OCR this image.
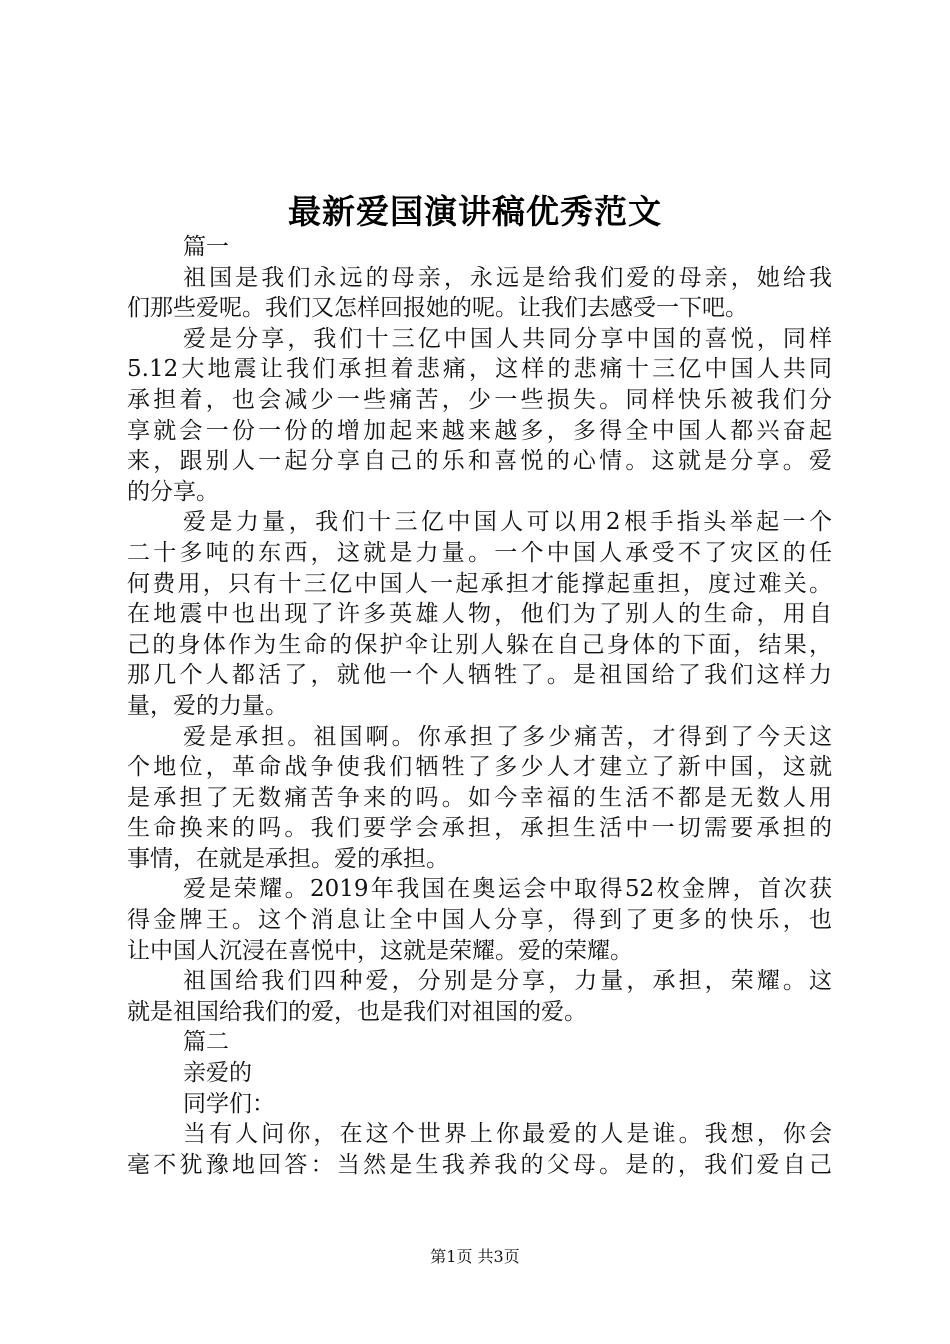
最新爱国演讲稿优秀范文
篇一
祖国是我们永远的母亲，永远是给我们爱的母亲，她给我
们那些爱呢。我们又怎样回报她的呢。让我们去感受一下吧。
爱是分享，我们十三亿中国人共同分享中国的喜悦，同样
5.12大地震让我们承担着悲痛，这样的悲痛十三亿中国人共同
承担着，也会减少一些痛苦，少一些损失。同样快乐被我们分
享就会一份一份的增加起来越来越多，多得全中国人都兴奋起
来，跟别人一起分享自己的乐和喜悦的心情。这就是分享。爱
的分享。
爱是力量，我们十三亿中国人可以用2根手指头举起一个
二十多吨的东西，这就是力量。一个中国人承受不了灾区的任
何费用，只有十三亿中国人一起承担才能撑起重担，度过难关。
在地震中也出现了许多英雄人物，他们为了别人的生命，用自
己的身体作为生命的保护伞让别人躲在自己身体的下面，结果，
那几个人都活了，就他一个人牺牲了。是祖国给了我们这样力
量，爱的力量。
爱是承担。祖国啊。你承担了多少痛苦，才得到了今天这
个地位，革命战争使我们牺牲了多少人才建立了新中国，这就
是承担了无数痛苦争来的吗。如今幸福的生活不都是无数人用
生命换来的吗。我们要学会承担，承担生活中一切需要承担的
事情，在就是承担。爱的承担。
爱是荣耀。2019年我国在奥运会中取得52枚金牌，首次获
得金牌王。这个消息让全中国人分享，得到了更多的快乐，也
让中国人沉浸在喜悦中，这就是荣耀。爱的荣耀。
祖国给我们四种爱，分别是分享，力量，承担，荣耀。这
就是祖国给我们的爱，也是我们对祖国的爱。
篇二
亲爱的
同学们：
当有人问你，在这个世界上你最爱的人是谁。我想，你会
毫不犹豫地回答：当然是生我养我的父母。是的，我们爱自己
第1页 共3页
